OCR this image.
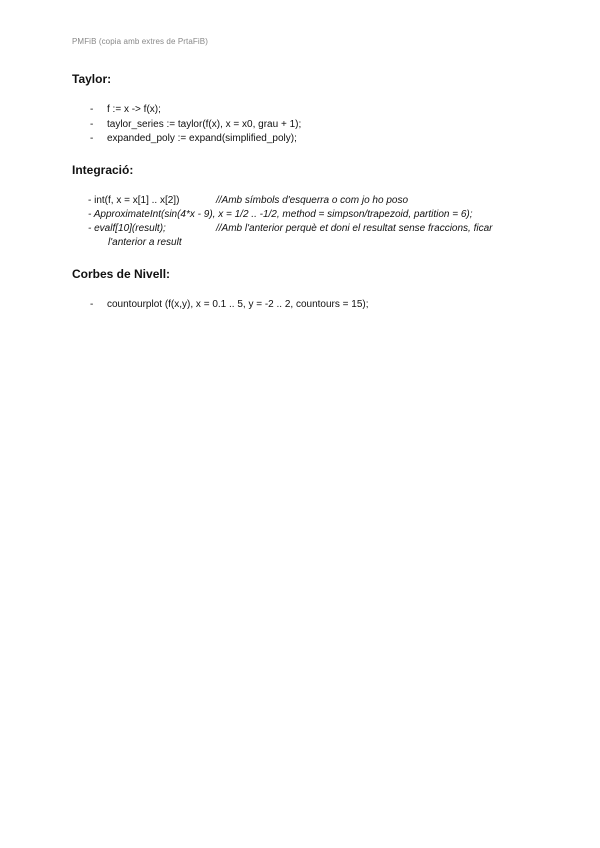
PMFiB (copia amb extres de PrtaFiB)
Taylor:
- f := x -> f(x);
- taylor_series := taylor(f(x), x = x0, grau + 1);
- expanded_poly := expand(simplified_poly);
Integració:
- int(f, x = x[1] .. x[2])	//Amb símbols d'esquerra o com jo ho poso
- ApproximateInt(sin(4*x - 9), x = 1/2 .. -1/2, method = simpson/trapezoid, partition = 6);
- evalf[10](result);	//Amb l'anterior perquè et doni el resultat sense fraccions, ficar
l'anterior a result
Corbes de Nivell:
- countourplot (f(x,y), x = 0.1 .. 5, y = -2 .. 2, countours = 15);
